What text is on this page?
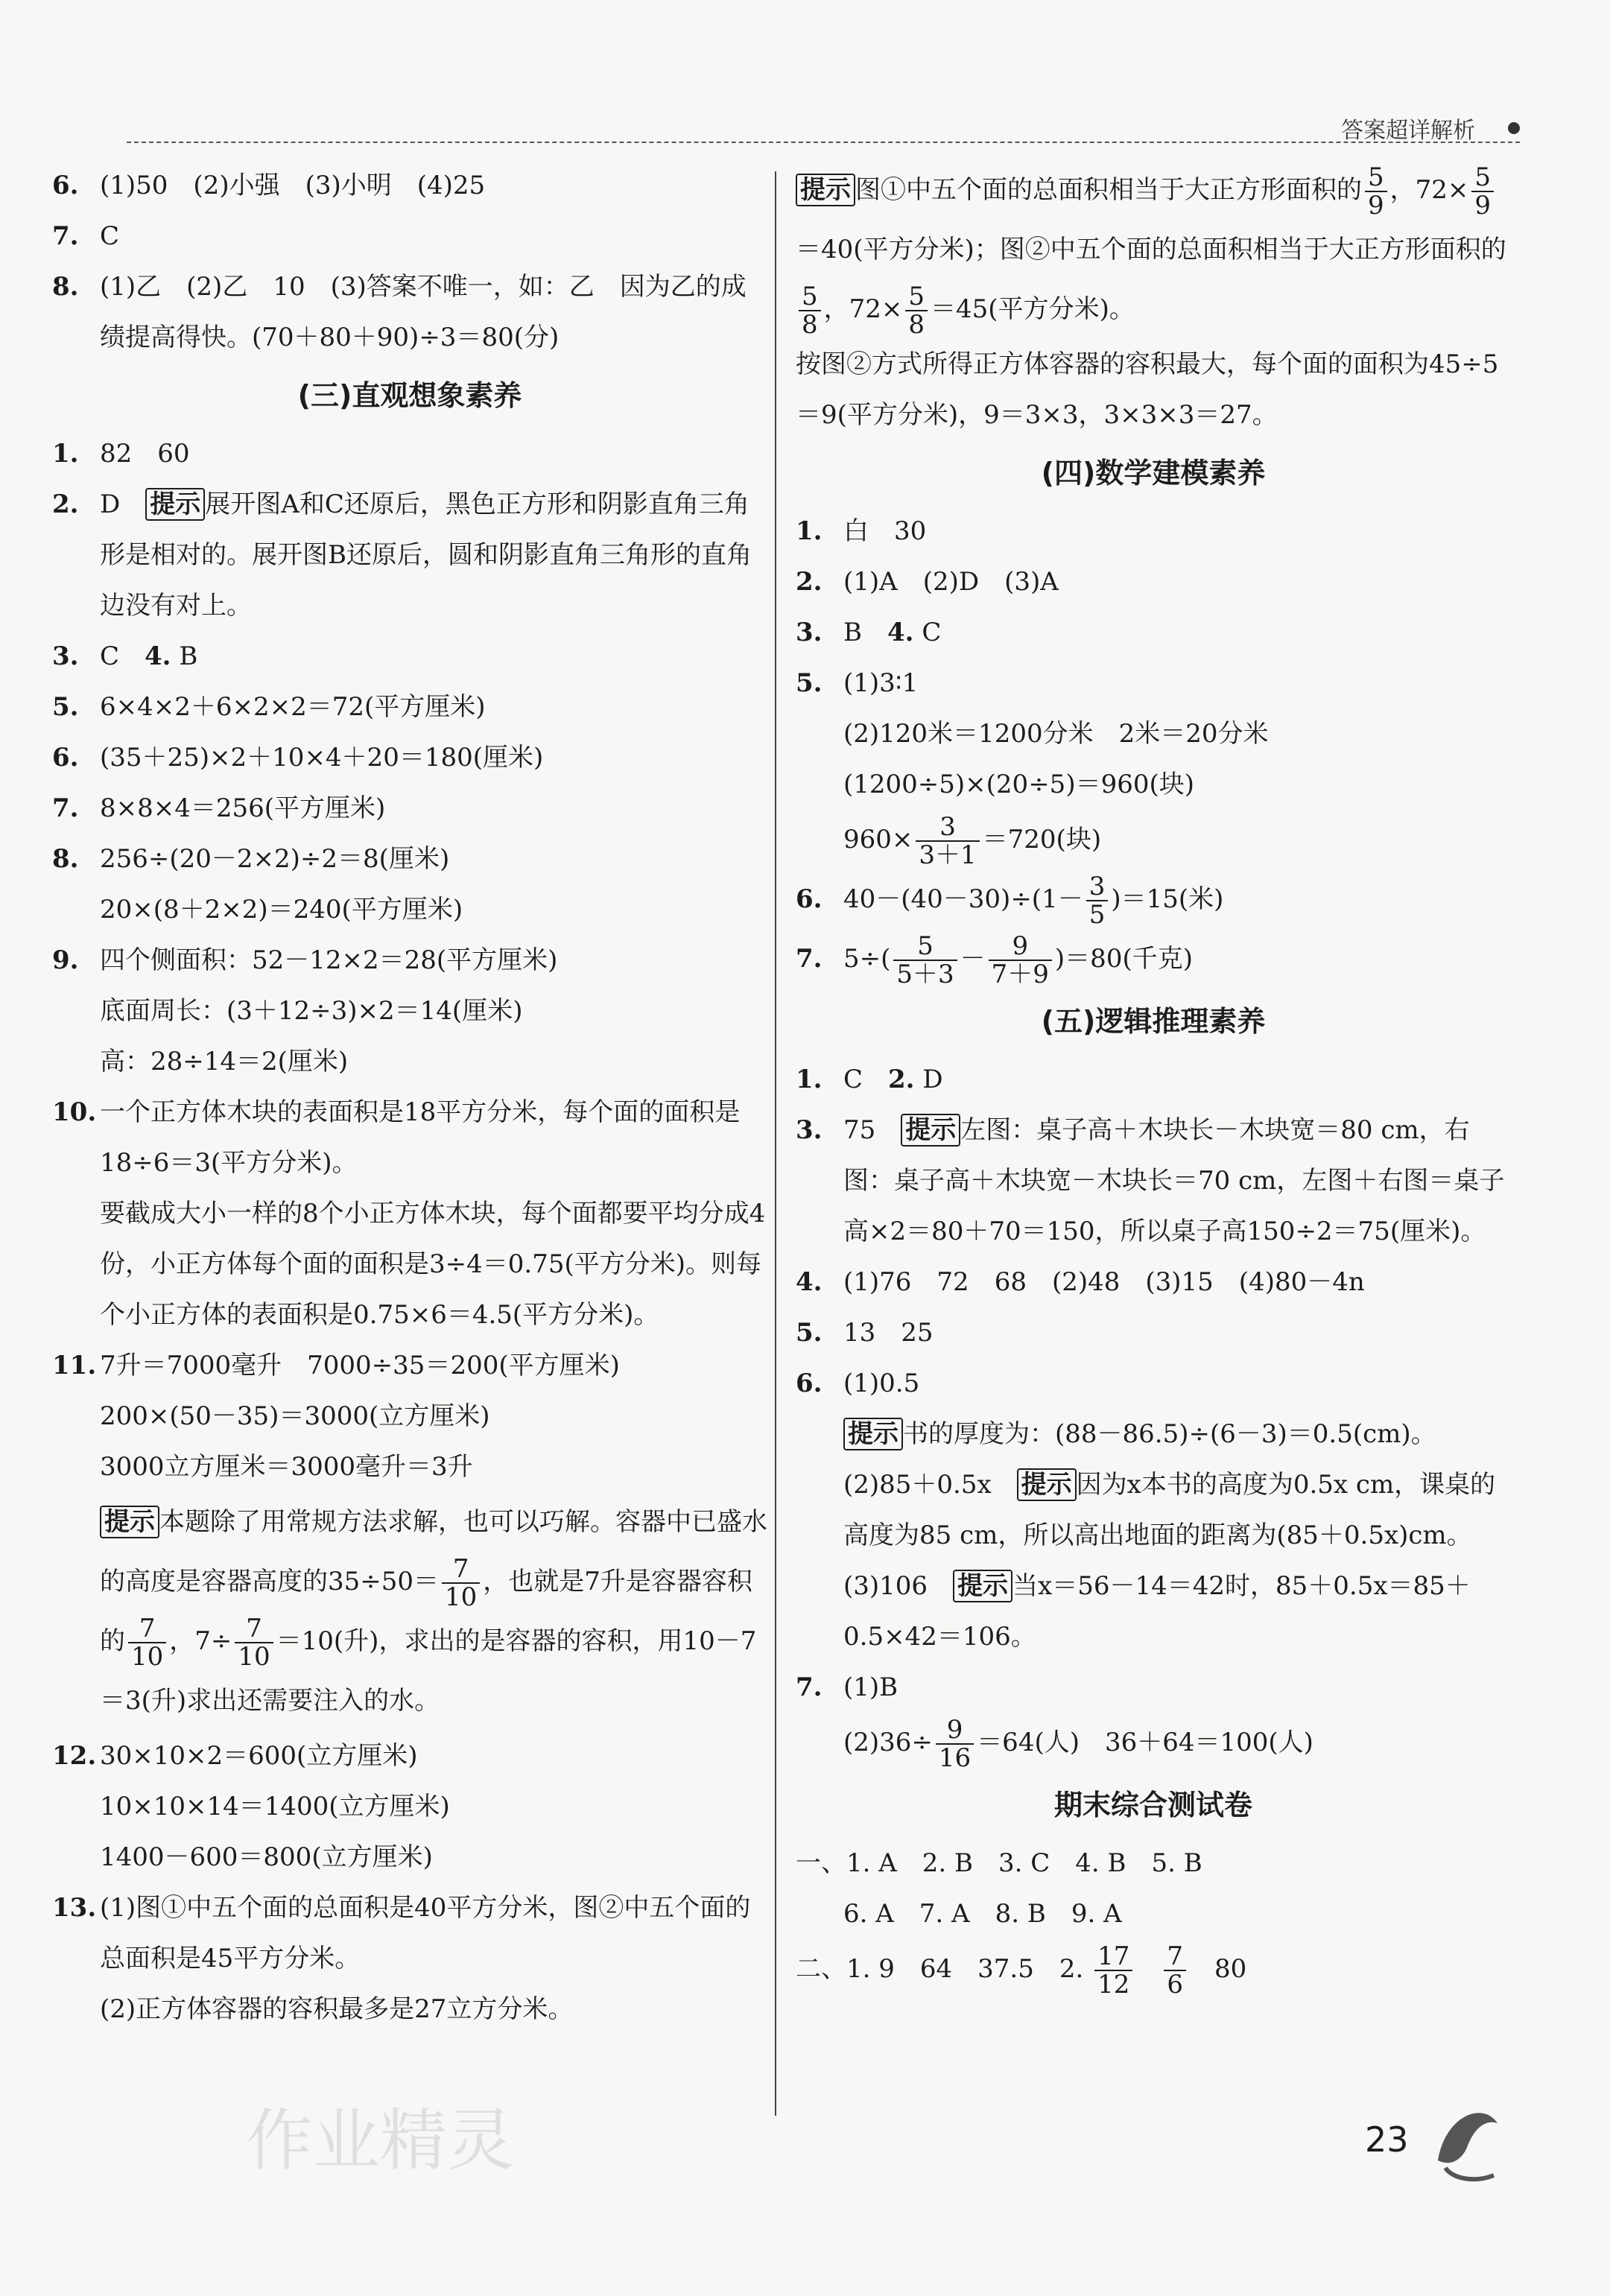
答案超详解析
6. (1)50　(2)小强　(3)小明　(4)25
7. C
8. (1)乙　(2)乙　10　(3)答案不唯一，如：乙　因为乙的成绩提高得快。(70＋80＋90)÷3＝80(分)
(三)直观想象素养
1. 82　60
2. D　提示 展开图A和C还原后，黑色正方形和阴影直角三角形是相对的。展开图B还原后，圆和阴影直角三角形的直角边没有对上。
3. C　4. B
5. 6×4×2＋6×2×2＝72(平方厘米)
6. (35＋25)×2＋10×4＋20＝180(厘米)
7. 8×8×4＝256(平方厘米)
8. 256÷(20－2×2)÷2＝8(厘米)
20×(8＋2×2)＝240(平方厘米)
9. 四个侧面积：52－12×2＝28(平方厘米)
底面周长：(3＋12÷3)×2＝14(厘米)
高：28÷14＝2(厘米)
10. 一个正方体木块的表面积是18平方分米，每个面的面积是18÷6＝3(平方分米)。
要截成大小一样的8个小正方体木块，每个面都要平均分成4份，小正方体每个面的面积是3÷4＝0.75(平方分米)。则每个小正方体的表面积是0.75×6＝4.5(平方分米)。
11. 7升＝7000毫升　7000÷35＝200(平方厘米)
200×(50－35)＝3000(立方厘米)
3000立方厘米＝3000毫升＝3升
提示 本题除了用常规方法求解，也可以巧解。容器中已盛水的高度是容器高度的$35\div 50= \frac{7}{10}$ ，也就是7升是容器容积的 $\frac{7}{10}$ ，$7\div \frac{7}{10} =10$(升)，求出的是容器的容积，用10－7＝3(升)求出还需要注入的水。
12. 30×10×2＝600(立方厘米)
10×10×14＝1400(立方厘米)
1400－600＝800(立方厘米)
13. (1)图①中五个面的总面积是40平方分米，图②中五个面的总面积是45平方分米。
(2)正方体容器的容积最多是27立方分米。
提示 图①中五个面的总面积相当于大正方形面积的 $\frac{5}{9}$ ，$72\times \frac{5}{9}$
＝40(平方分米)；图②中五个面的总面积相当于大正方形面积的
$\frac{5}{8}$ ，$72\times \frac{5}{8} =45$(平方分米)。
按图②方式所得正方体容器的容积最大，每个面的面积为45÷5＝9(平方分米)，9＝3×3，3×3×3＝27。
(四)数学建模素养
1. 白　30
2. (1)A　(2)D　(3)A
3. B　4. C
5. (1)3∶1
(2)120米＝1200分米　2米＝20分米
(1200÷5)×(20÷5)＝960(块)
$960\times \frac{3}{3+1} =720$(块)
6. $40-(40-30)\div(1- \frac{3}{5} )=15$(米)
7. $5\div( \frac{5}{5+3} - \frac{9}{7+9} )=80$(千克)
(五)逻辑推理素养
1. C　2. D
3. 75　提示 左图：桌子高＋木块长－木块宽＝80 cm，右图：桌子高＋木块宽－木块长＝70 cm，左图＋右图＝桌子高×2＝80＋70＝150，所以桌子高150÷2＝75(厘米)。
4. (1)76　72　68　(2)48　(3)15　(4)80－4n
5. 13　25
6. (1)0.5
提示 书的厚度为：(88－86.5)÷(6－3)＝0.5(cm)。
(2)85＋0.5x　提示 因为x本书的高度为0.5x cm，课桌的高度为85 cm，所以高出地面的距离为(85＋0.5x)cm。
(3)106　提示 当x＝56－14＝42时，85＋0.5x＝85＋0.5×42＝106。
7. (1)B
$(2)36\div \frac{9}{16} =64$(人)　36＋64＝100(人)
期末综合测试卷
一、1. A　2. B　3. C　4. B　5. B
6. A　7. A　8. B　9. A
二、1. 9　64　37.5　2. $\frac{17}{12}$
　 $\frac{7}{6}$
　 80
作业精灵	23
